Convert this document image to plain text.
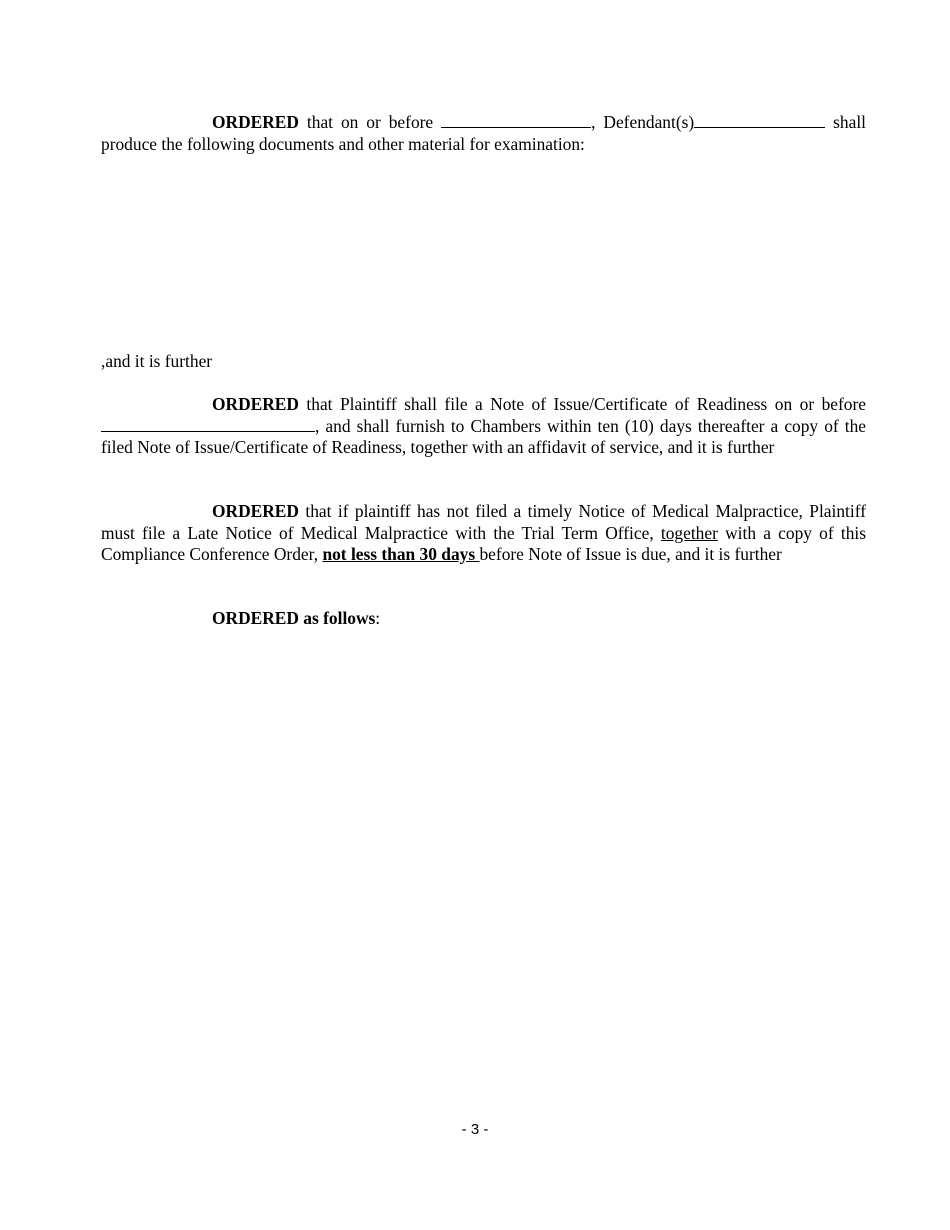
ORDERED that on or before	, Defendant(s)	shall produce the following documents and other material for examination:

,and it is further

ORDERED that Plaintiff shall file a Note of Issue/Certificate of Readiness on or before , and shall furnish to Chambers within ten (10) days thereafter a copy of the filed Note of Issue/Certificate of Readiness, together with an affidavit of service, and it is further

ORDERED that if plaintiff has not filed a timely Notice of Medical Malpractice, Plaintiff must file a Late Notice of Medical Malpractice with the Trial Term Office, together with a copy of this Compliance Conference Order, not less than 30 days before Note of Issue is due, and it is further

ORDERED as follows:

- 3 -
